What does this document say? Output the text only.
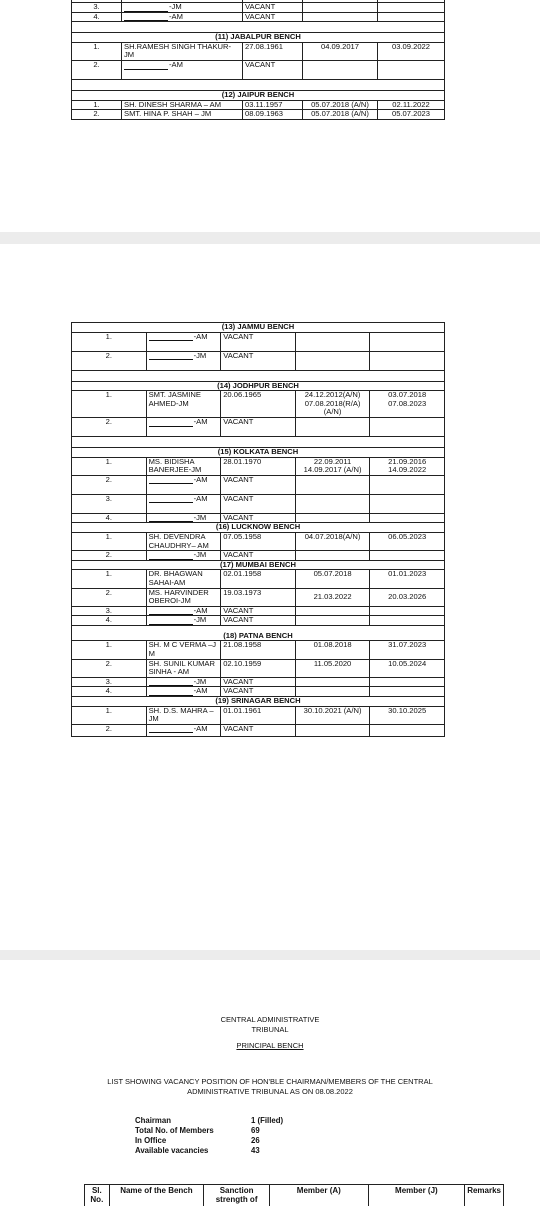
3.	-JM	VACANT		
4.	-AM	VACANT		

(11) JABALPUR BENCH				
1.	SH.RAMESH SINGH THAKUR-JM	27.08.1961	04.09.2017	03.09.2022
2.	-AM	VACANT		

(12) JAIPUR BENCH				
1.	SH. DINESH SHARMA – AM	03.11.1957	05.07.2018 (A/N)	02.11.2022
2.	SMT. HINA P. SHAH – JM	08.09.1963	05.07.2018 (A/N)	05.07.2023
(13) JAMMU BENCH				
1.	-AM	VACANT		
2.	-JM	VACANT		

(14) JODHPUR BENCH				
1.	SMT. JASMINE AHMED-JM	20.06.1965	24.12.2012(A/N) 07.08.2018(R/A) (A/N)	03.07.2018 07.08.2023
2.	-AM	VACANT		

(15) KOLKATA BENCH				
1.	MS. BIDISHA BANERJEE-JM	28.01.1970	22.09.2011 14.09.2017 (A/N)	21.09.2016 14.09.2022
2.	-AM	VACANT		
3.	-AM	VACANT		
4.	-JM	VACANT		
(16) LUCKNOW BENCH				
1.	SH. DEVENDRA CHAUDHRY– AM	07.05.1958	04.07.2018(A/N)	06.05.2023
2.	-JM	VACANT		
(17) MUMBAI BENCH				
1.	DR. BHAGWAN SAHAI-AM	02.01.1958	05.07.2018	01.01.2023
2.	MS. HARVINDER OBEROI-JM	19.03.1973	21.03.2022	20.03.2026
3.	-AM	VACANT		
4.	-JM	VACANT		
(18) PATNA BENCH				
1.	SH. M C VERMA –J M	21.08.1958	01.08.2018	31.07.2023
2.	SH. SUNIL KUMAR SINHA - AM	02.10.1959	11.05.2020	10.05.2024
3.	-JM	VACANT		
4.	-AM	VACANT		
(19) SRINAGAR BENCH				
1.	SH. D.S. MAHRA –JM	01.01.1961	30.10.2021 (A/N)	30.10.2025
2.	-AM	VACANT		
CENTRAL ADMINISTRATIVE
TRIBUNAL
PRINCIPAL BENCH
LIST SHOWING VACANCY POSITION OF HON'BLE CHAIRMAN/MEMBERS OF THE CENTRAL
ADMINISTRATIVE TRIBUNAL AS ON 08.08.2022
Chairman	1 (Filled)
Total No. of Members	69
In Office	26
Available vacancies	43
Sl. No.	Name of the Bench	Sanction strength of	Member (A)	Member (J)	Remarks
